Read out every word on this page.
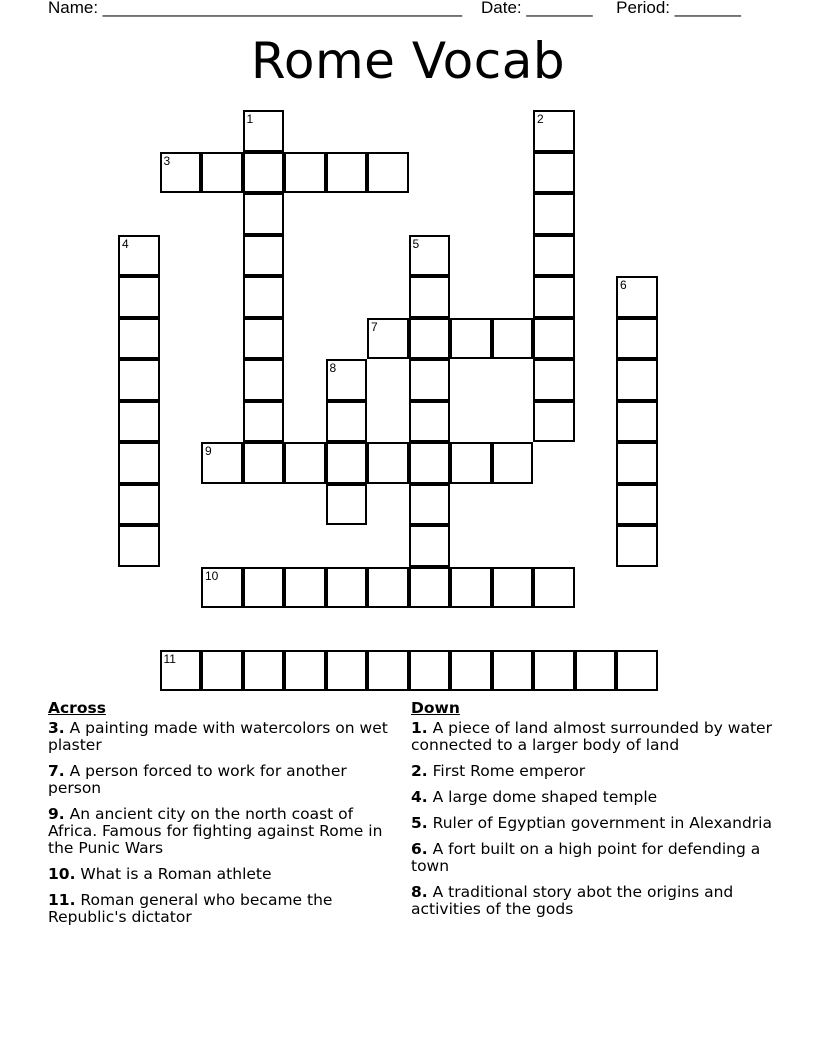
Name: ______________________________________ Date: _______ Period: _______
Rome Vocab
1	2
3
4	5
6
7
8
9
10
11
Across
3. A painting made with watercolors on wet plaster
7. A person forced to work for another person
9. An ancient city on the north coast of Africa. Famous for fighting against Rome in the Punic Wars
10. What is a Roman athlete
11. Roman general who became the Republic's dictator
Down
1. A piece of land almost surrounded by water connected to a larger body of land
2. First Rome emperor
4. A large dome shaped temple
5. Ruler of Egyptian government in Alexandria
6. A fort built on a high point for defending a town
8. A traditional story abot the origins and activities of the gods
